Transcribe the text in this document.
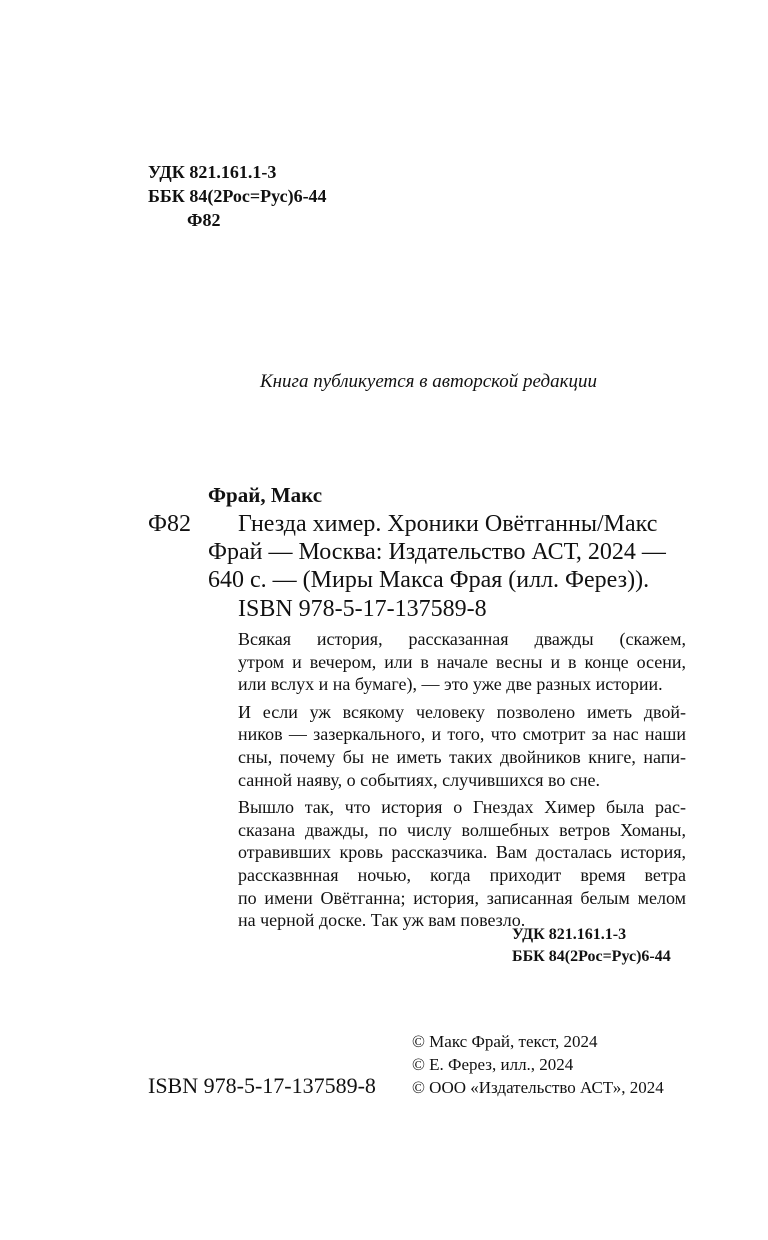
УДК 821.161.1-3
ББК 84(2Рос=Рус)6-44
Ф82
Книга публикуется в авторской редакции
Фрай, Макс
Ф82 Гнезда химер. Хроники Овётганны/Макс
Фрай — Москва: Издательство АСТ, 2024 —
640 с. — (Миры Макса Фрая (илл. Ферез)).
ISBN 978-5-17-137589-8

Всякая история, рассказанная дважды (скажем,
утром и вечером, или в начале весны и в конце осени,
или вслух и на бумаге), — это уже две разных истории.

И если уж всякому человеку позволено иметь двой-
ников — зазеркального, и того, что смотрит за нас наши
сны, почему бы не иметь таких двойников книге, напи-
санной наяву, о событиях, случившихся во сне.

Вышло так, что история о Гнездах Химер была рас-
сказана дважды, по числу волшебных ветров Хоманы,
отравивших кровь рассказчика. Вам досталась история,
рассказвнная ночью, когда приходит время ветра
по имени Овётганна; история, записанная белым мелом
на черной доске. Так уж вам повезло.

УДК 821.161.1-3
ББК 84(2Рос=Рус)6-44
© Макс Фрай, текст, 2024
© Е. Ферез, илл., 2024
© ООО «Издательство АСТ», 2024
ISBN 978-5-17-137589-8
